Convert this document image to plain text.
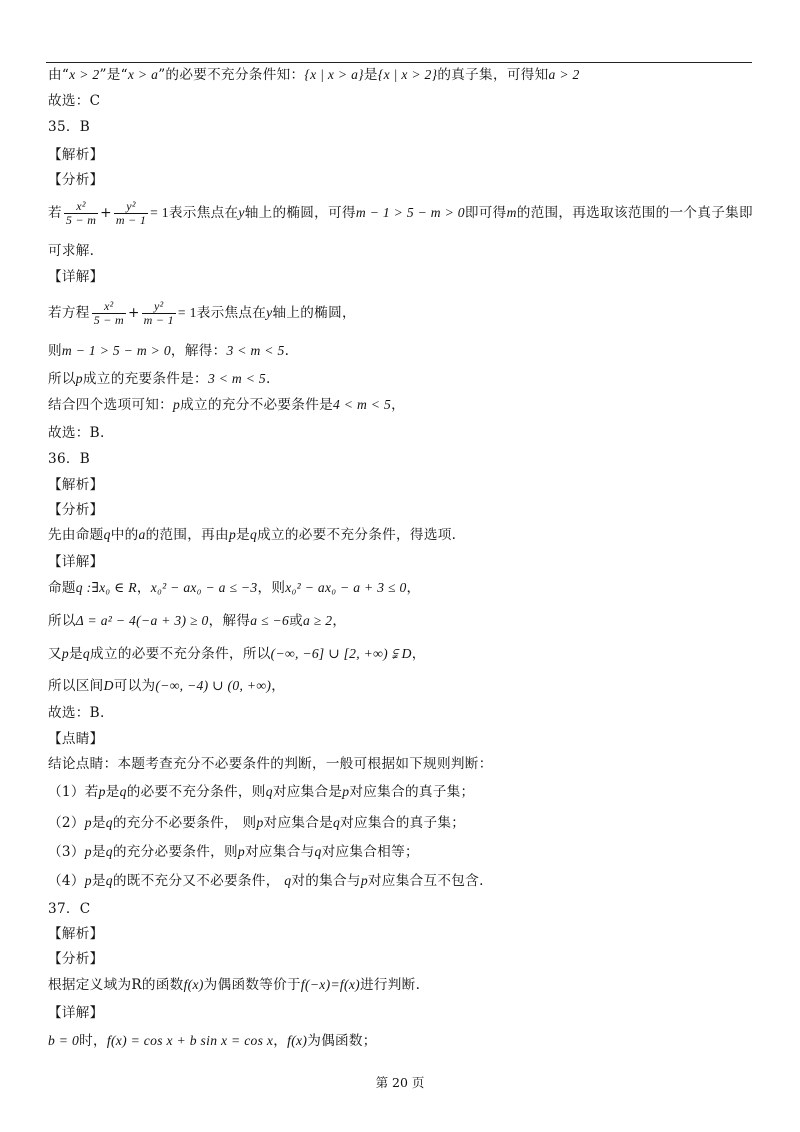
由“x > 2”是“x > a”的必要不充分条件知：{x | x > a}是{x | x > 2}的真子集，可得知a > 2
故选：C
35．B
【解析】
【分析】
若 $\frac{\text{x²}}{5 - m} + \frac{\text{y²}}{m - 1} = 1$表示焦点在y轴上的椭圆，可得m − 1 > 5 − m > 0即可得m的范围，再选取该范围的一个真子集即
可求解.
【详解】
若方程 $\frac{\text{x²}}{5 - m} + \frac{\text{y²}}{m - 1} = 1$表示焦点在y轴上的椭圆，
则m − 1 > 5 − m > 0，解得：3 < m < 5.
所以p成立的充要条件是：3 < m < 5.
结合四个选项可知：p成立的充分不必要条件是4 < m < 5，
故选：B.
36．B
【解析】
【分析】
先由命题q中的a的范围，再由p是q成立的必要不充分条件，得选项.
【详解】
命题q :∃x₀ ∈ R，x₀² − ax₀ − a ≤ −3，则x₀² − ax₀ − a + 3 ≤ 0，
所以Δ = a² − 4(−a + 3) ≥ 0，解得a ≤ −6或a ≥ 2，
又p是q成立的必要不充分条件，所以(−∞, −6] ∪ [2, +∞) ⫋ D，
所以区间D可以为(−∞, −4) ∪ (0, +∞)，
故选：B.
【点睛】
结论点睛：本题考查充分不必要条件的判断，一般可根据如下规则判断：
（1）若p是q的必要不充分条件，则q对应集合是p对应集合的真子集；
（2）p是q的充分不必要条件， 则p对应集合是q对应集合的真子集；
（3）p是q的充分必要条件，则p对应集合与q对应集合相等；
（4）p是q的既不充分又不必要条件， q对的集合与p对应集合互不包含.
37．C
【解析】
【分析】
根据定义域为R的函数f(x)为偶函数等价于f(−x)=f(x)进行判断.
【详解】
b = 0时，f(x) = cos x + b sin x = cos x，f(x)为偶函数；
第 20 页
